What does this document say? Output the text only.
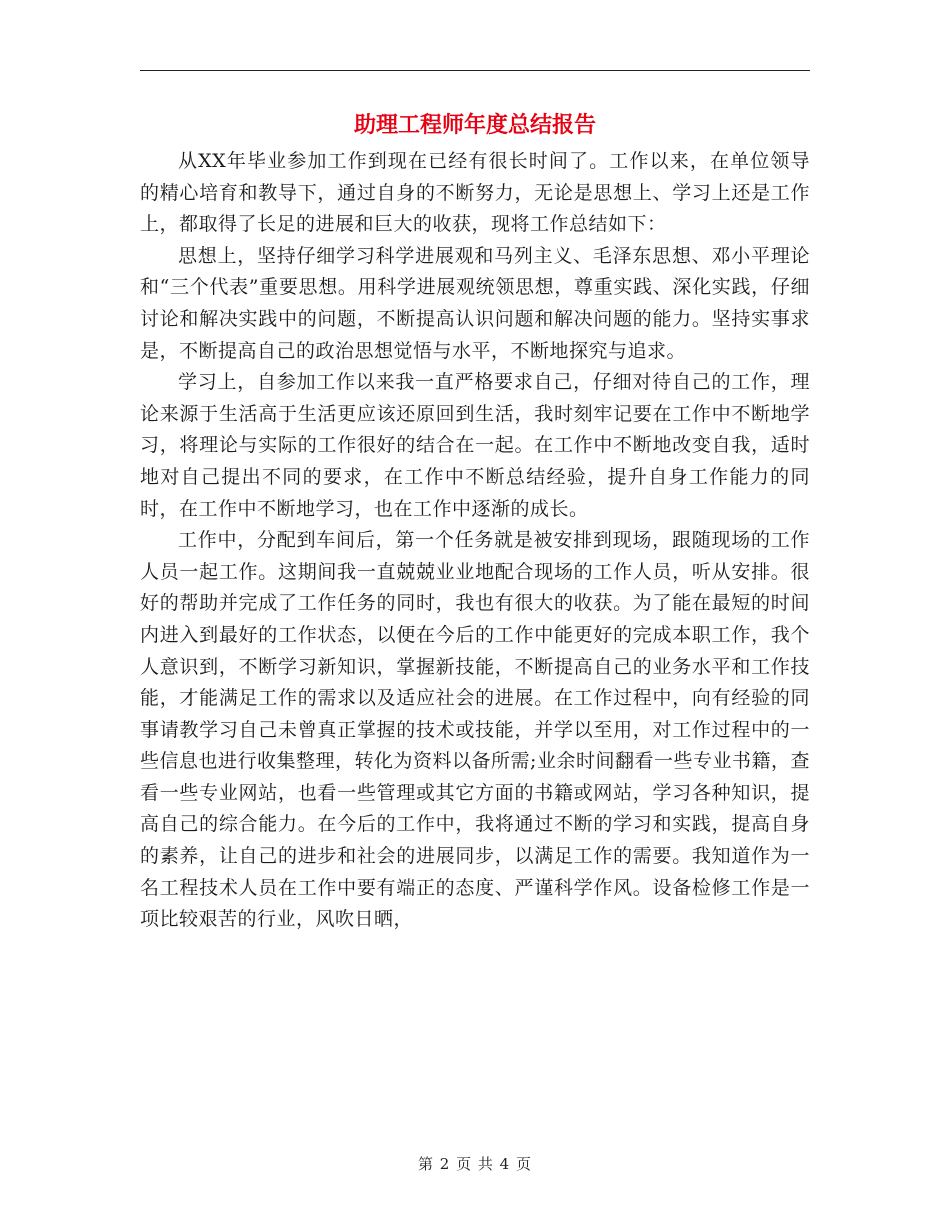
助理工程师年度总结报告

从XX年毕业参加工作到现在已经有很长时间了。工作以来，在单位领导的精心培育和教导下，通过自身的不断努力，无论是思想上、学习上还是工作上，都取得了长足的进展和巨大的收获，现将工作总结如下：

思想上，坚持仔细学习科学进展观和马列主义、毛泽东思想、邓小平理论和“三个代表”重要思想。用科学进展观统领思想，尊重实践、深化实践，仔细讨论和解决实践中的问题，不断提高认识问题和解决问题的能力。坚持实事求是，不断提高自己的政治思想觉悟与水平，不断地探究与追求。

学习上，自参加工作以来我一直严格要求自己，仔细对待自己的工作，理论来源于生活高于生活更应该还原回到生活，我时刻牢记要在工作中不断地学习，将理论与实际的工作很好的结合在一起。在工作中不断地改变自我，适时地对自己提出不同的要求，在工作中不断总结经验，提升自身工作能力的同时，在工作中不断地学习，也在工作中逐渐的成长。

工作中，分配到车间后，第一个任务就是被安排到现场，跟随现场的工作人员一起工作。这期间我一直兢兢业业地配合现场的工作人员，听从安排。很好的帮助并完成了工作任务的同时，我也有很大的收获。为了能在最短的时间内进入到最好的工作状态，以便在今后的工作中能更好的完成本职工作，我个人意识到，不断学习新知识，掌握新技能，不断提高自己的业务水平和工作技能，才能满足工作的需求以及适应社会的进展。在工作过程中，向有经验的同事请教学习自己未曾真正掌握的技术或技能，并学以至用，对工作过程中的一些信息也进行收集整理，转化为资料以备所需;业余时间翻看一些专业书籍，查看一些专业网站，也看一些管理或其它方面的书籍或网站，学习各种知识，提高自己的综合能力。在今后的工作中，我将通过不断的学习和实践，提高自身的素养，让自己的进步和社会的进展同步，以满足工作的需要。我知道作为一名工程技术人员在工作中要有端正的态度、严谨科学作风。设备检修工作是一项比较艰苦的行业，风吹日晒，

第 2 页 共 4 页
